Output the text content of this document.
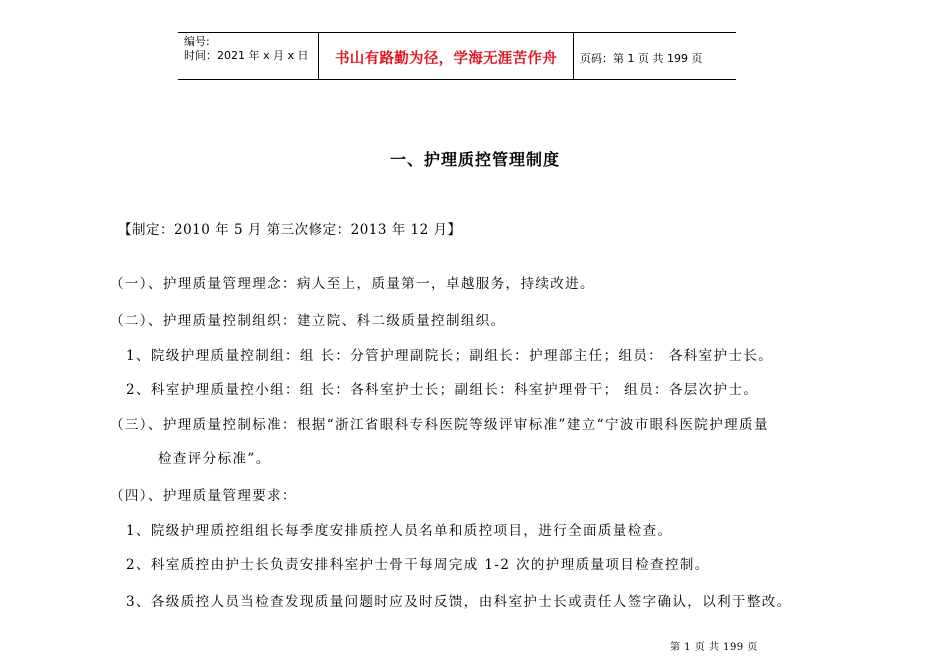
编号:
时间：2021 年 x 月 x 日	书山有路勤为径，学海无涯苦作舟	页码：第 1 页 共 199 页
一、护理质控管理制度
【制定：2010 年 5 月 第三次修定：2013 年 12 月】
（一）、护理质量管理理念：病人至上，质量第一，卓越服务，持续改进。
（二）、护理质量控制组织：建立院、科二级质量控制组织。
1、院级护理质量控制组：组 长：分管护理副院长；副组长：护理部主任；组员： 各科室护士长。
2、科室护理质量控小组：组 长：各科室护士长；副组长：科室护理骨干； 组员：各层次护士。
（三）、护理质量控制标准：根据“浙江省眼科专科医院等级评审标准”建立“宁波市眼科医院护理质量
检查评分标准”。
（四）、护理质量管理要求：
1、院级护理质控组组长每季度安排质控人员名单和质控项目，进行全面质量检查。
2、科室质控由护士长负责安排科室护士骨干每周完成 1-2 次的护理质量项目检查控制。
3、各级质控人员当检查发现质量问题时应及时反馈，由科室护士长或责任人签字确认，以利于整改。
第 1 页 共 199 页
